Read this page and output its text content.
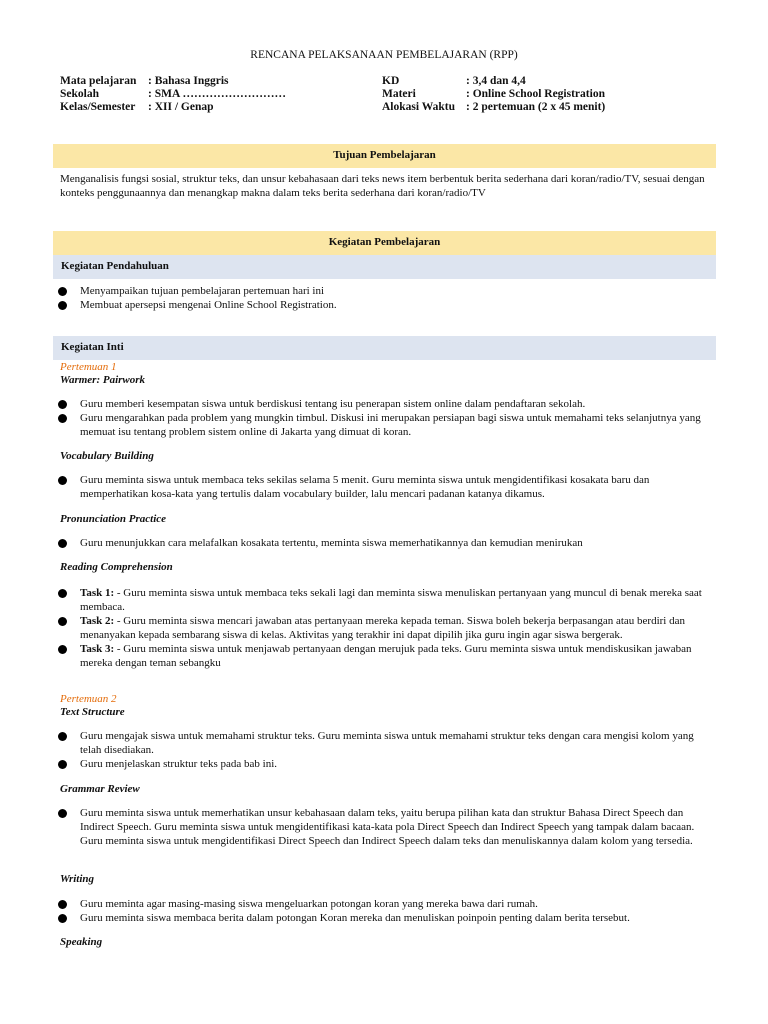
RENCANA PELAKSANAAN PEMBELAJARAN (RPP)
Mata pelajaran	: Bahasa Inggris
Sekolah	: SMA ………………………
Kelas/Semester	: XII / Genap
KD	: 3,4 dan 4,4
Materi	: Online School Registration
Alokasi Waktu : 2 pertemuan (2 x 45 menit)
Tujuan Pembelajaran
Menganalisis fungsi sosial, struktur teks, dan unsur kebahasaan dari teks news item berbentuk berita sederhana dari koran/radio/TV, sesuai dengan konteks penggunaannya dan menangkap makna dalam teks berita sederhana dari koran/radio/TV
Kegiatan Pembelajaran
Kegiatan Pendahuluan
Menyampaikan tujuan pembelajaran pertemuan hari ini
Membuat apersepsi mengenai Online School Registration.
Kegiatan Inti
Pertemuan 1
Warmer: Pairwork
Guru memberi kesempatan siswa untuk berdiskusi tentang isu penerapan sistem online dalam pendaftaran sekolah.
Guru mengarahkan pada problem yang mungkin timbul. Diskusi ini merupakan persiapan bagi siswa untuk memahami teks selanjutnya yang memuat isu tentang problem sistem online di Jakarta yang dimuat di koran.
Vocabulary Building
Guru meminta siswa untuk membaca teks sekilas selama 5 menit. Guru meminta siswa untuk mengidentifikasi kosakata baru dan memperhatikan kosa-kata yang tertulis dalam vocabulary builder, lalu mencari padanan katanya dikamus.
Pronunciation Practice
Guru menunjukkan cara melafalkan kosakata tertentu, meminta siswa memerhatikannya dan kemudian menirukan
Reading Comprehension
Task 1: - Guru meminta siswa untuk membaca teks sekali lagi dan meminta siswa menuliskan pertanyaan yang muncul di benak mereka saat membaca.
Task 2: - Guru meminta siswa mencari jawaban atas pertanyaan mereka kepada teman. Siswa boleh bekerja berpasangan atau berdiri dan menanyakan kepada sembarang siswa di kelas. Aktivitas yang terakhir ini dapat dipilih jika guru ingin agar siswa bergerak.
Task 3: - Guru meminta siswa untuk menjawab pertanyaan dengan merujuk pada teks. Guru meminta siswa untuk mendiskusikan jawaban mereka dengan teman sebangku
Pertemuan 2
Text Structure
Guru mengajak siswa untuk memahami struktur teks. Guru meminta siswa untuk memahami struktur teks dengan cara mengisi kolom yang telah disediakan.
Guru menjelaskan struktur teks pada bab ini.
Grammar Review
Guru meminta siswa untuk memerhatikan unsur kebahasaan dalam teks, yaitu berupa pilihan kata dan struktur Bahasa Direct Speech dan Indirect Speech. Guru meminta siswa untuk mengidentifikasi kata-kata pola Direct Speech dan Indirect Speech yang tampak dalam bacaan. Guru meminta siswa untuk mengidentifikasi Direct Speech dan Indirect Speech dalam teks dan menuliskannya dalam kolom yang tersedia.
Writing
Guru meminta agar masing-masing siswa mengeluarkan potongan koran yang mereka bawa dari rumah.
Guru meminta siswa membaca berita dalam potongan Koran mereka dan menuliskan poinpoin penting dalam berita tersebut.
Speaking
